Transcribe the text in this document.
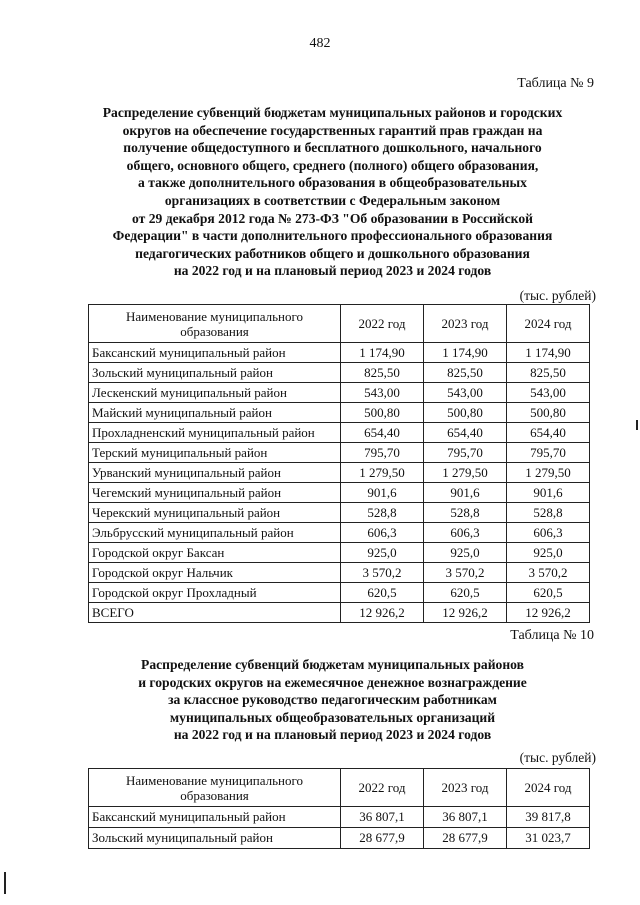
482
Таблица № 9
Распределение субвенций бюджетам муниципальных районов и городских
округов на обеспечение государственных гарантий прав граждан на
получение общедоступного и бесплатного дошкольного, начального
общего, основного общего, среднего (полного) общего образования,
а также дополнительного образования в общеобразовательных
организациях в соответствии с Федеральным законом
от 29 декабря 2012 года № 273-ФЗ "Об образовании в Российской
Федерации" в части дополнительного профессионального образования
педагогических работников общего и дошкольного образования
на 2022 год и на плановый период 2023 и 2024 годов
(тыс. рублей)
Наименование муниципального образования	2022 год	2023 год	2024 год
Баксанский муниципальный район	1 174,90	1 174,90	1 174,90
Зольский муниципальный район	825,50	825,50	825,50
Лескенский муниципальный район	543,00	543,00	543,00
Майский муниципальный район	500,80	500,80	500,80
Прохладненский муниципальный район	654,40	654,40	654,40
Терский муниципальный район	795,70	795,70	795,70
Урванский муниципальный район	1 279,50	1 279,50	1 279,50
Чегемский муниципальный район	901,6	901,6	901,6
Черекский муниципальный район	528,8	528,8	528,8
Эльбрусский муниципальный район	606,3	606,3	606,3
Городской округ Баксан	925,0	925,0	925,0
Городской округ Нальчик	3 570,2	3 570,2	3 570,2
Городской округ Прохладный	620,5	620,5	620,5
ВСЕГО	12 926,2	12 926,2	12 926,2
Таблица № 10
Распределение субвенций бюджетам муниципальных районов
и городских округов на ежемесячное денежное вознаграждение
за классное руководство педагогическим работникам
муниципальных общеобразовательных организаций
на 2022 год и на плановый период 2023 и 2024 годов
(тыс. рублей)
Наименование муниципального образования	2022 год	2023 год	2024 год
Баксанский муниципальный район	36 807,1	36 807,1	39 817,8
Зольский муниципальный район	28 677,9	28 677,9	31 023,7
